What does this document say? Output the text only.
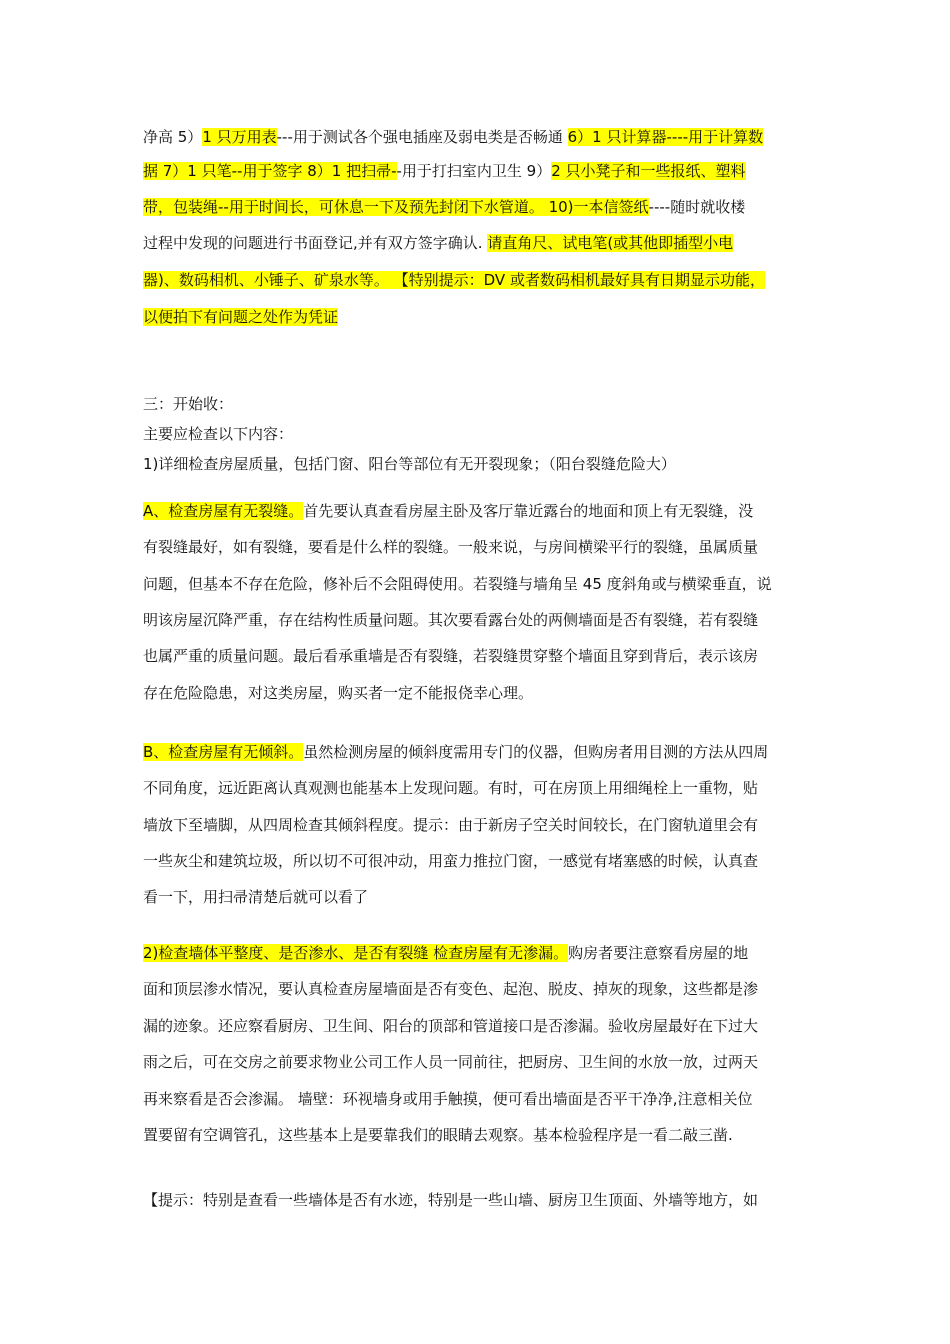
净高 5）1 只万用表---用于测试各个强电插座及弱电类是否畅通 6）1 只计算器----用于计算数
据 7）1 只笔--用于签字 8）1 把扫帚--用于打扫室内卫生 9）2 只小凳子和一些报纸、塑料
带，包装绳--用于时间长，可休息一下及预先封闭下水管道。 10)一本信签纸----随时就收楼
过程中发现的问题进行书面登记,并有双方签字确认. 请直角尺、试电笔(或其他即插型小电
器)、数码相机、小锤子、矿泉水等。 【特别提示：DV 或者数码相机最好具有日期显示功能，
以便拍下有问题之处作为凭证
三：开始收：
主要应检查以下内容：
1)详细检查房屋质量，包括门窗、阳台等部位有无开裂现象；（阳台裂缝危险大）
A、检查房屋有无裂缝。首先要认真查看房屋主卧及客厅靠近露台的地面和顶上有无裂缝，没
有裂缝最好，如有裂缝，要看是什么样的裂缝。一般来说，与房间横梁平行的裂缝，虽属质量
问题，但基本不存在危险，修补后不会阻碍使用。若裂缝与墙角呈 45 度斜角或与横梁垂直，说
明该房屋沉降严重，存在结构性质量问题。其次要看露台处的两侧墙面是否有裂缝，若有裂缝
也属严重的质量问题。最后看承重墙是否有裂缝，若裂缝贯穿整个墙面且穿到背后，表示该房
存在危险隐患，对这类房屋，购买者一定不能报侥幸心理。
B、检查房屋有无倾斜。虽然检测房屋的倾斜度需用专门的仪器，但购房者用目测的方法从四周
不同角度，远近距离认真观测也能基本上发现问题。有时，可在房顶上用细绳栓上一重物，贴
墙放下至墙脚，从四周检查其倾斜程度。提示：由于新房子空关时间较长，在门窗轨道里会有
一些灰尘和建筑垃圾，所以切不可很冲动，用蛮力推拉门窗，一感觉有堵塞感的时候，认真查
看一下，用扫帚清楚后就可以看了
2)检查墙体平整度、是否渗水、是否有裂缝 检查房屋有无渗漏。购房者要注意察看房屋的地
面和顶层渗水情况，要认真检查房屋墙面是否有变色、起泡、脱皮、掉灰的现象，这些都是渗
漏的迹象。还应察看厨房、卫生间、阳台的顶部和管道接口是否渗漏。验收房屋最好在下过大
雨之后，可在交房之前要求物业公司工作人员一同前往，把厨房、卫生间的水放一放，过两天
再来察看是否会渗漏。 墙壁：环视墙身或用手触摸，便可看出墙面是否平干净净,注意相关位
置要留有空调管孔，这些基本上是要靠我们的眼睛去观察。基本检验程序是一看二敲三凿.
【提示：特别是查看一些墙体是否有水迹，特别是一些山墙、厨房卫生顶面、外墙等地方，如
